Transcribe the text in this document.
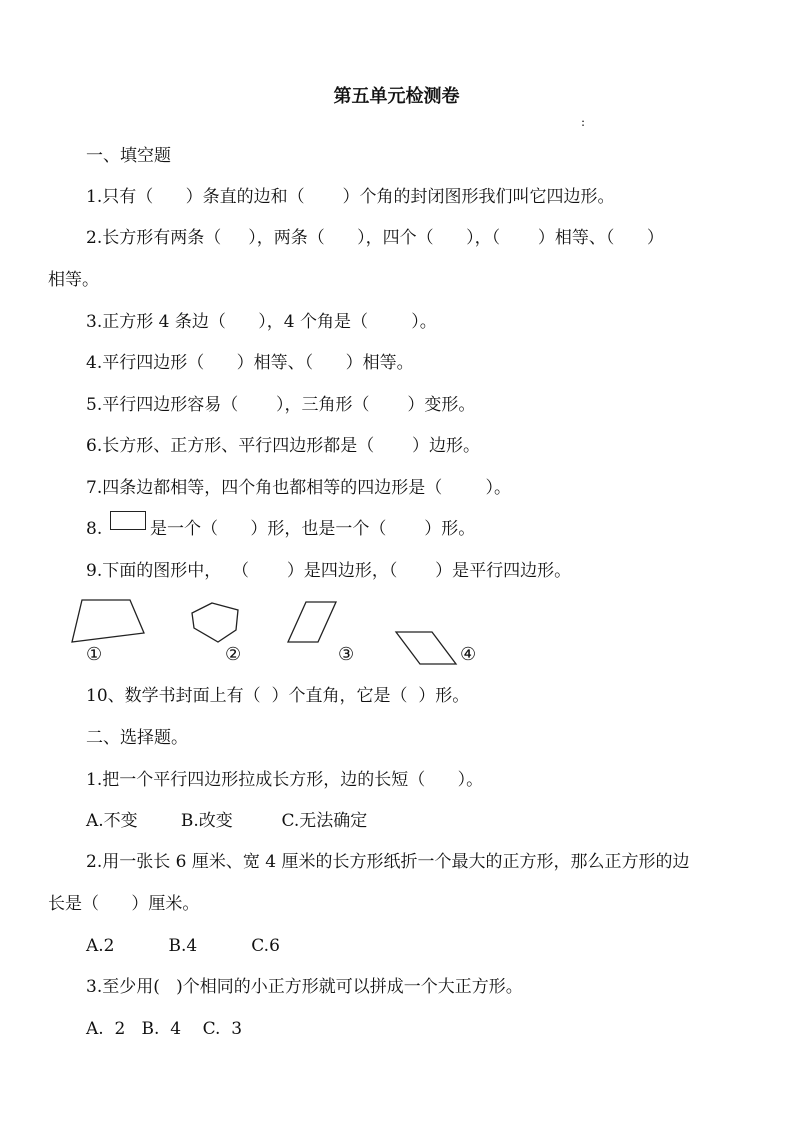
第五单元检测卷
:
一、填空题
1.只有（      ）条直的边和（       ）个角的封闭图形我们叫它四边形。
2.长方形有两条（     ），两条（      ），四个（      ），（       ）相等、（      ）
相等。
3.正方形 4 条边（      ），4 个角是（        ）。
4.平行四边形（      ）相等、（      ）相等。
5.平行四边形容易（       ），三角形（       ）变形。
6.长方形、正方形、平行四边形都是（       ）边形。
7.四条边都相等，四个角也都相等的四边形是（        ）。
8.	是一个（      ）形，也是一个（       ）形。
9.下面的图形中，  （       ）是四边形，（       ）是平行四边形。
①	②	③	④
10、数学书封面上有（  ）个直角，它是（  ）形。
二、选择题。
1.把一个平行四边形拉成长方形，边的长短（      ）。
A.不变        B.改变         C.无法确定
2.用一张长 6 厘米、宽 4 厘米的长方形纸折一个最大的正方形，那么正方形的边
长是（      ）厘米。
A.2          B.4          C.6
3.至少用(   )个相同的小正方形就可以拼成一个大正方形。
A.  2   B.  4    C.  3
